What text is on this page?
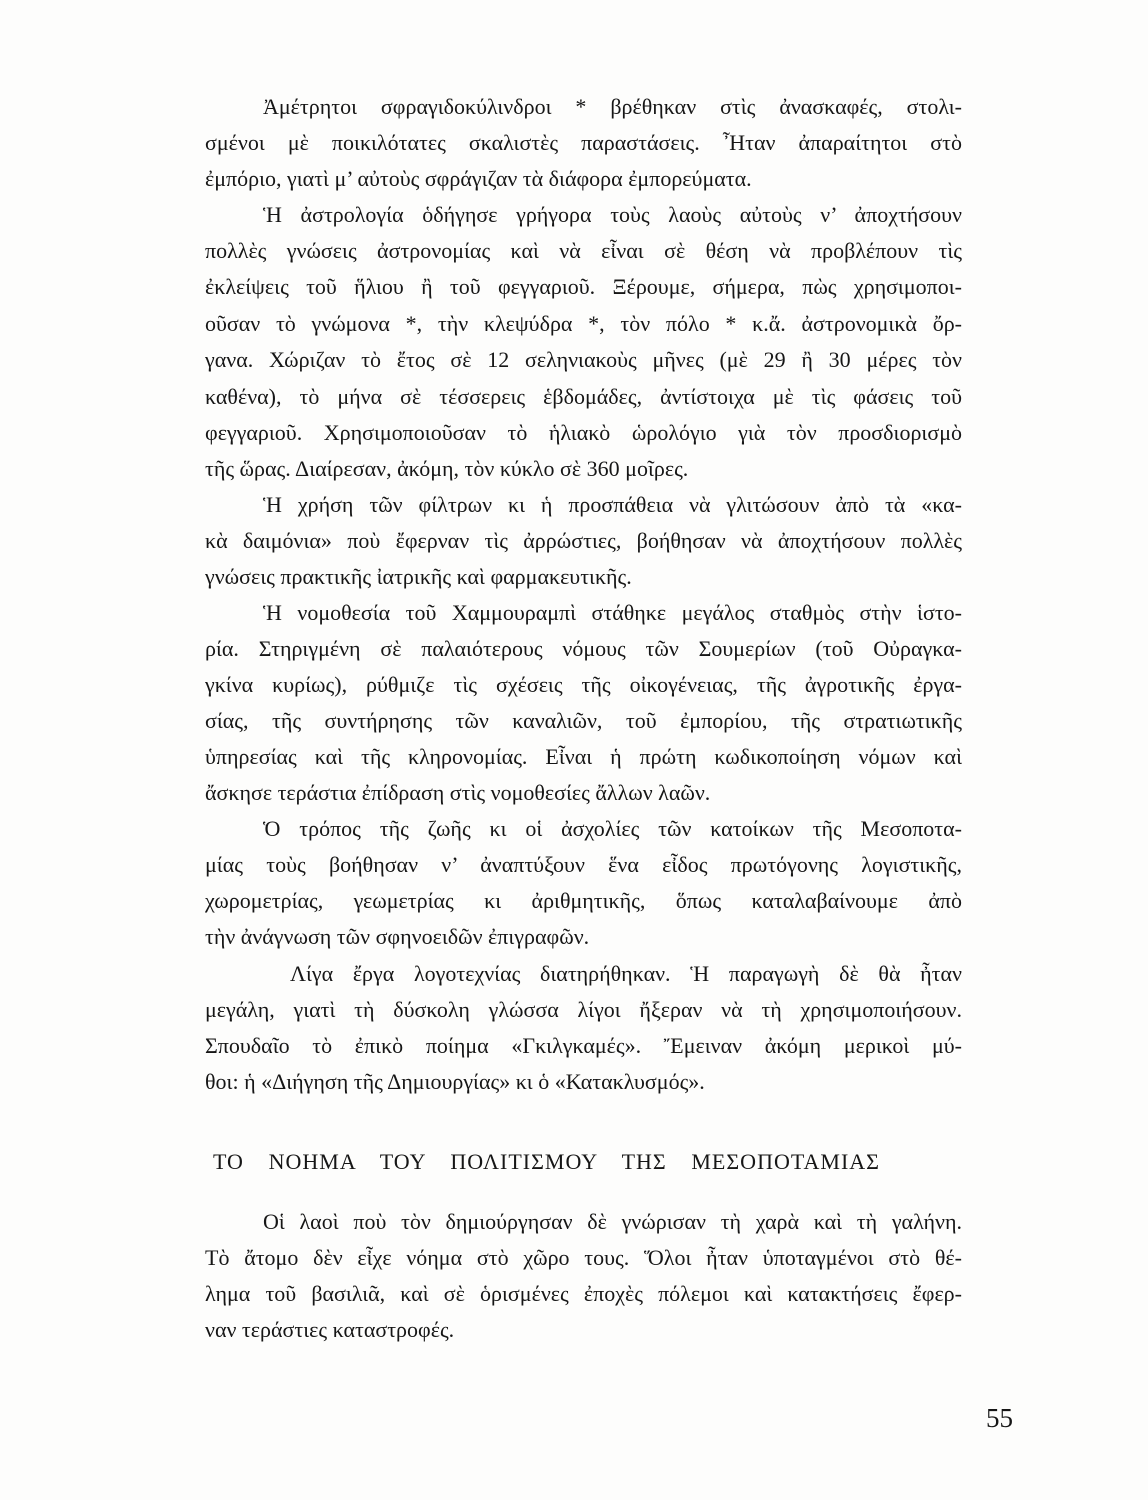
Ἀμέτρητοι σφραγιδοκύλινδροι * βρέθηκαν στὶς ἀνασκαφές, στολι-
σμένοι μὲ ποικιλότατες σκαλιστὲς παραστάσεις. Ἦταν ἀπαραίτητοι στὸ
ἐμπόριο, γιατὶ μ’ αὐτοὺς σφράγιζαν τὰ διάφορα ἐμπορεύματα.
Ἡ ἀστρολογία ὁδήγησε γρήγορα τοὺς λαοὺς αὐτοὺς ν’ ἀποχτήσουν
πολλὲς γνώσεις ἀστρονομίας καὶ νὰ εἶναι σὲ θέση νὰ προβλέπουν τὶς
ἐκλείψεις τοῦ ἥλιου ἢ τοῦ φεγγαριοῦ. Ξέρουμε, σήμερα, πὼς χρησιμοποι-
οῦσαν τὸ γνώμονα *, τὴν κλεψύδρα *, τὸν πόλο * κ.ἄ. ἀστρονομικὰ ὄρ-
γανα. Χώριζαν τὸ ἔτος σὲ 12 σεληνιακοὺς μῆνες (μὲ 29 ἢ 30 μέρες τὸν
καθένα), τὸ μήνα σὲ τέσσερεις ἑβδομάδες, ἀντίστοιχα μὲ τὶς φάσεις τοῦ
φεγγαριοῦ. Χρησιμοποιοῦσαν τὸ ἡλιακὸ ὡρολόγιο γιὰ τὸν προσδιορισμὸ
τῆς ὥρας. Διαίρεσαν, ἀκόμη, τὸν κύκλο σὲ 360 μοῖρες.
Ἡ χρήση τῶν φίλτρων κι ἡ προσπάθεια νὰ γλιτώσουν ἀπὸ τὰ «κα-
κὰ δαιμόνια» ποὺ ἔφερναν τὶς ἀρρώστιες, βοήθησαν νὰ ἀποχτήσουν πολλὲς
γνώσεις πρακτικῆς ἰατρικῆς καὶ φαρμακευτικῆς.
Ἡ νομοθεσία τοῦ Χαμμουραμπὶ στάθηκε μεγάλος σταθμὸς στὴν ἱστο-
ρία. Στηριγμένη σὲ παλαιότερους νόμους τῶν Σουμερίων (τοῦ Οὐραγκα-
γκίνα κυρίως), ρύθμιζε τὶς σχέσεις τῆς οἰκογένειας, τῆς ἀγροτικῆς ἐργα-
σίας, τῆς συντήρησης τῶν καναλιῶν, τοῦ ἐμπορίου, τῆς στρατιωτικῆς
ὑπηρεσίας καὶ τῆς κληρονομίας. Εἶναι ἡ πρώτη κωδικοποίηση νόμων καὶ
ἄσκησε τεράστια ἐπίδραση στὶς νομοθεσίες ἄλλων λαῶν.
Ὁ τρόπος τῆς ζωῆς κι οἱ ἀσχολίες τῶν κατοίκων τῆς Μεσοποτα-
μίας τοὺς βοήθησαν ν’ ἀναπτύξουν ἕνα εἶδος πρωτόγονης λογιστικῆς,
χωρομετρίας, γεωμετρίας κι ἀριθμητικῆς, ὅπως καταλαβαίνουμε ἀπὸ
τὴν ἀνάγνωση τῶν σφηνοειδῶν ἐπιγραφῶν.
Λίγα ἔργα λογοτεχνίας διατηρήθηκαν. Ἡ παραγωγὴ δὲ θὰ ἦταν
μεγάλη, γιατὶ τὴ δύσκολη γλώσσα λίγοι ἤξεραν νὰ τὴ χρησιμοποιήσουν.
Σπουδαῖο τὸ ἐπικὸ ποίημα «Γκιλγκαμές». Ἔμειναν ἀκόμη μερικοὶ μύ-
θοι: ἡ «Διήγηση τῆς Δημιουργίας» κι ὁ «Κατακλυσμός».
ΤΟ ΝΟΗΜΑ ΤΟΥ ΠΟΛΙΤΙΣΜΟΥ ΤΗΣ ΜΕΣΟΠΟΤΑΜΙΑΣ
Οἱ λαοὶ ποὺ τὸν δημιούργησαν δὲ γνώρισαν τὴ χαρὰ καὶ τὴ γαλήνη.
Τὸ ἄτομο δὲν εἶχε νόημα στὸ χῶρο τους. Ὅλοι ἦταν ὑποταγμένοι στὸ θέ-
λημα τοῦ βασιλιᾶ, καὶ σὲ ὁρισμένες ἐποχὲς πόλεμοι καὶ κατακτήσεις ἔφερ-
ναν τεράστιες καταστροφές.
55
